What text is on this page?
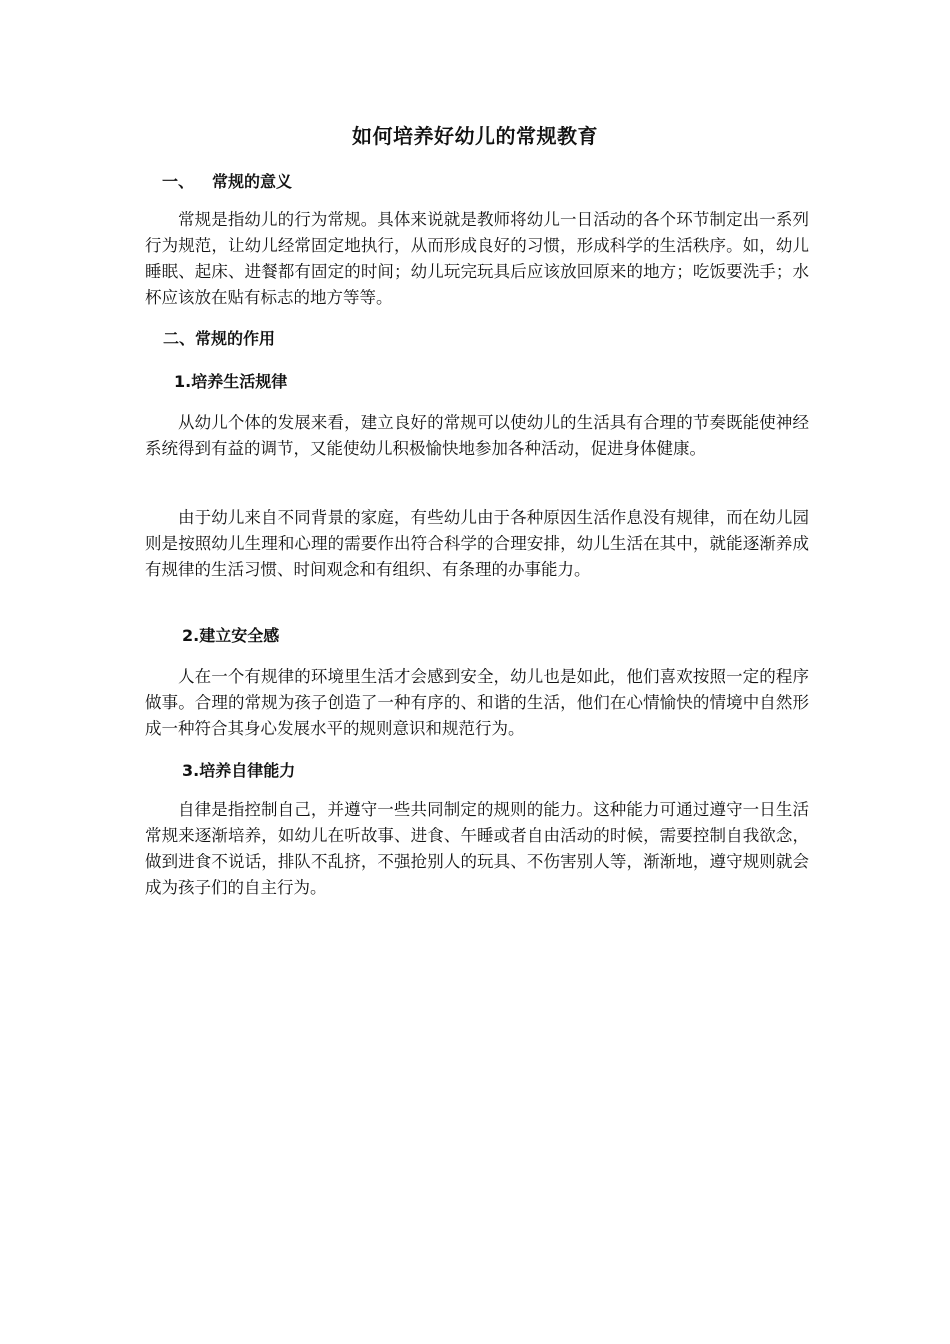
如何培养好幼儿的常规教育
一、 常规的意义
常规是指幼儿的行为常规。具体来说就是教师将幼儿一日活动的各个环节制定出一系列行为规范，让幼儿经常固定地执行，从而形成良好的习惯，形成科学的生活秩序。如，幼儿睡眠、起床、进餐都有固定的时间；幼儿玩完玩具后应该放回原来的地方；吃饭要洗手；水杯应该放在贴有标志的地方等等。
二、常规的作用
1.培养生活规律
从幼儿个体的发展来看，建立良好的常规可以使幼儿的生活具有合理的节奏既能使神经系统得到有益的调节，又能使幼儿积极愉快地参加各种活动，促进身体健康。
由于幼儿来自不同背景的家庭，有些幼儿由于各种原因生活作息没有规律，而在幼儿园则是按照幼儿生理和心理的需要作出符合科学的合理安排，幼儿生活在其中，就能逐渐养成有规律的生活习惯、时间观念和有组织、有条理的办事能力。
2.建立安全感
人在一个有规律的环境里生活才会感到安全，幼儿也是如此，他们喜欢按照一定的程序做事。合理的常规为孩子创造了一种有序的、和谐的生活，他们在心情愉快的情境中自然形成一种符合其身心发展水平的规则意识和规范行为。
3.培养自律能力
自律是指控制自己，并遵守一些共同制定的规则的能力。这种能力可通过遵守一日生活常规来逐渐培养，如幼儿在听故事、进食、午睡或者自由活动的时候，需要控制自我欲念，做到进食不说话，排队不乱挤，不强抢别人的玩具、不伤害别人等，渐渐地，遵守规则就会成为孩子们的自主行为。
